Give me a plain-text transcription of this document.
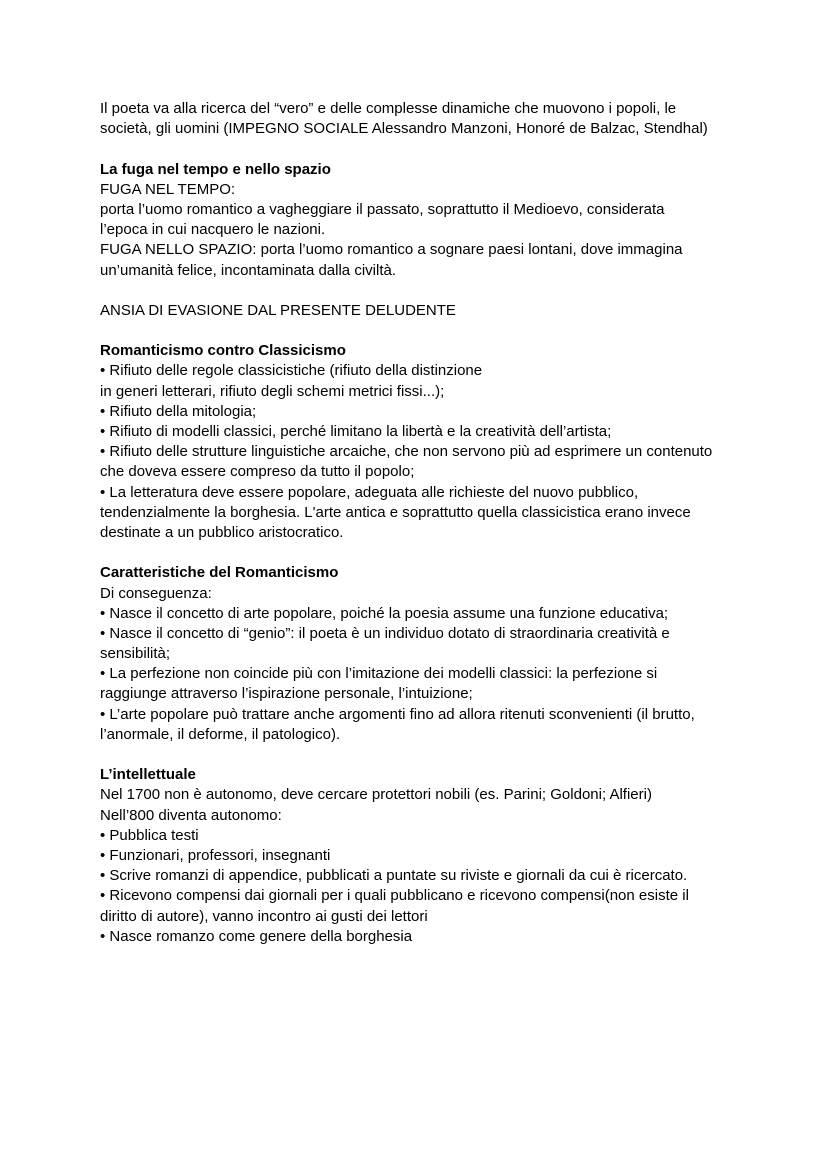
Il poeta va alla ricerca del “vero” e delle complesse dinamiche che muovono i popoli, le
società, gli uomini (IMPEGNO SOCIALE Alessandro Manzoni, Honoré de Balzac, Stendhal)
La fuga nel tempo e nello spazio
FUGA NEL TEMPO:
porta l’uomo romantico a vagheggiare il passato, soprattutto il Medioevo, considerata
l’epoca in cui nacquero le nazioni.
FUGA NELLO SPAZIO: porta l’uomo romantico a sognare paesi lontani, dove immagina
un’umanità felice, incontaminata dalla civiltà.
ANSIA DI EVASIONE DAL PRESENTE DELUDENTE
Romanticismo contro Classicismo
• Rifiuto delle regole classicistiche (rifiuto della distinzione
in generi letterari, rifiuto degli schemi metrici fissi...);
• Rifiuto della mitologia;
• Rifiuto di modelli classici, perché limitano la libertà e la creatività dell’artista;
• Rifiuto delle strutture linguistiche arcaiche, che non servono più ad esprimere un contenuto
che doveva essere compreso da tutto il popolo;
• La letteratura deve essere popolare, adeguata alle richieste del nuovo pubblico,
tendenzialmente la borghesia. L'arte antica e soprattutto quella classicistica erano invece
destinate a un pubblico aristocratico.
Caratteristiche del Romanticismo
Di conseguenza:
• Nasce il concetto di arte popolare, poiché la poesia assume una funzione educativa;
• Nasce il concetto di “genio”: il poeta è un individuo dotato di straordinaria creatività e
sensibilità;
• La perfezione non coincide più con l’imitazione dei modelli classici: la perfezione si
raggiunge attraverso l’ispirazione personale, l’intuizione;
• L’arte popolare può trattare anche argomenti fino ad allora ritenuti sconvenienti (il brutto,
l’anormale, il deforme, il patologico).
L’intellettuale
Nel 1700 non è autonomo, deve cercare protettori nobili (es. Parini; Goldoni; Alfieri)
Nell’800 diventa autonomo:
• Pubblica testi
• Funzionari, professori, insegnanti
• Scrive romanzi di appendice, pubblicati a puntate su riviste e giornali da cui è ricercato.
• Ricevono compensi dai giornali per i quali pubblicano e ricevono compensi(non esiste il
diritto di autore), vanno incontro ai gusti dei lettori
• Nasce romanzo come genere della borghesia
